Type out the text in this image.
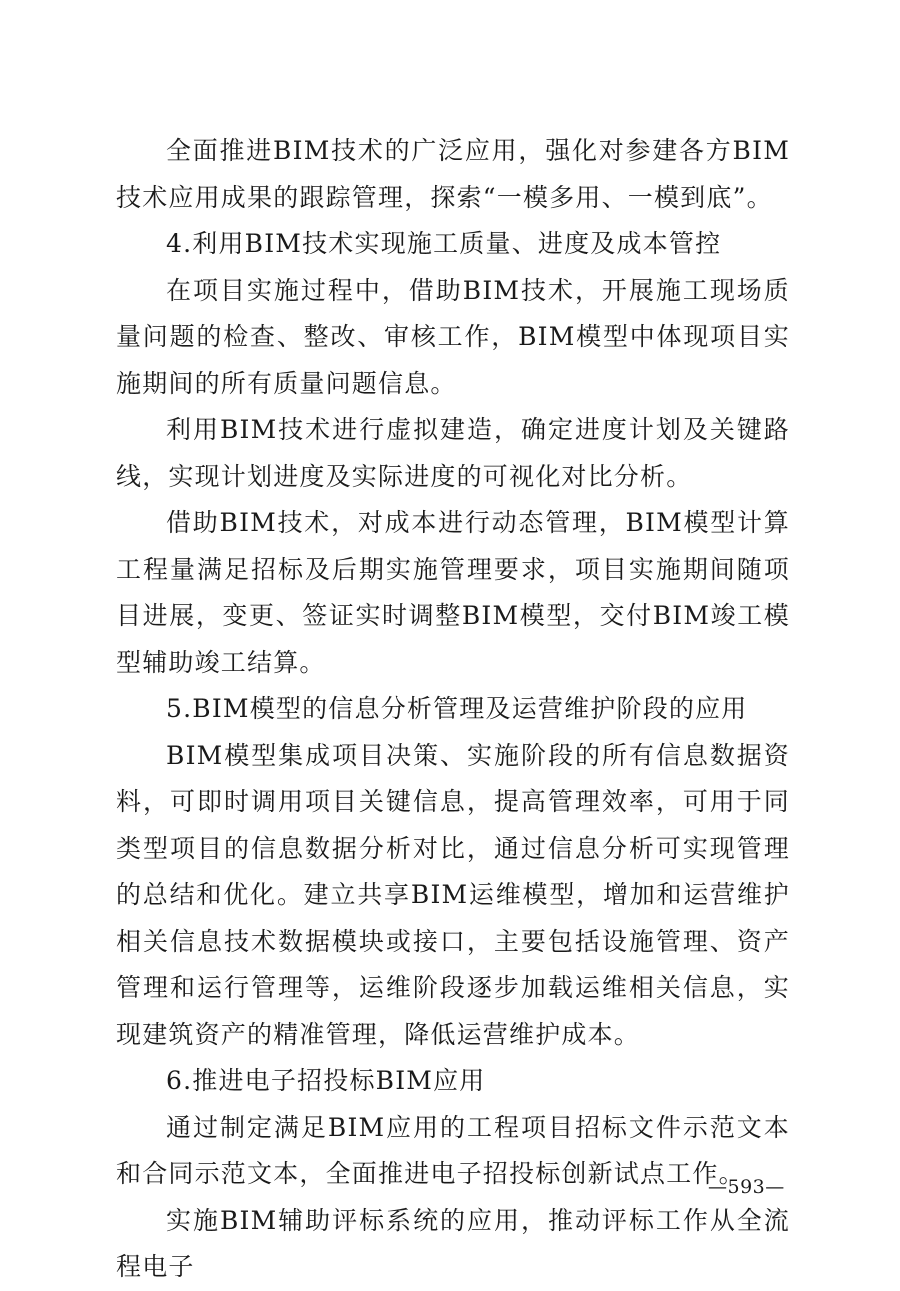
全面推进BIM技术的广泛应用，强化对参建各方BIM技术应用成果的跟踪管理，探索“一模多用、一模到底”。

4.利用BIM技术实现施工质量、进度及成本管控

在项目实施过程中，借助BIM技术，开展施工现场质量问题的检查、整改、审核工作，BIM模型中体现项目实施期间的所有质量问题信息。

利用BIM技术进行虚拟建造，确定进度计划及关键路线，实现计划进度及实际进度的可视化对比分析。

借助BIM技术，对成本进行动态管理，BIM模型计算工程量满足招标及后期实施管理要求，项目实施期间随项目进展，变更、签证实时调整BIM模型，交付BIM竣工模型辅助竣工结算。

5.BIM模型的信息分析管理及运营维护阶段的应用

BIM模型集成项目决策、实施阶段的所有信息数据资料，可即时调用项目关键信息，提高管理效率，可用于同类型项目的信息数据分析对比，通过信息分析可实现管理的总结和优化。建立共享BIM运维模型，增加和运营维护相关信息技术数据模块或接口，主要包括设施管理、资产管理和运行管理等，运维阶段逐步加载运维相关信息，实现建筑资产的精准管理，降低运营维护成本。

6.推进电子招投标BIM应用

通过制定满足BIM应用的工程项目招标文件示范文本和合同示范文本，全面推进电子招投标创新试点工作。

实施BIM辅助评标系统的应用，推动评标工作从全流程电子

—593—
